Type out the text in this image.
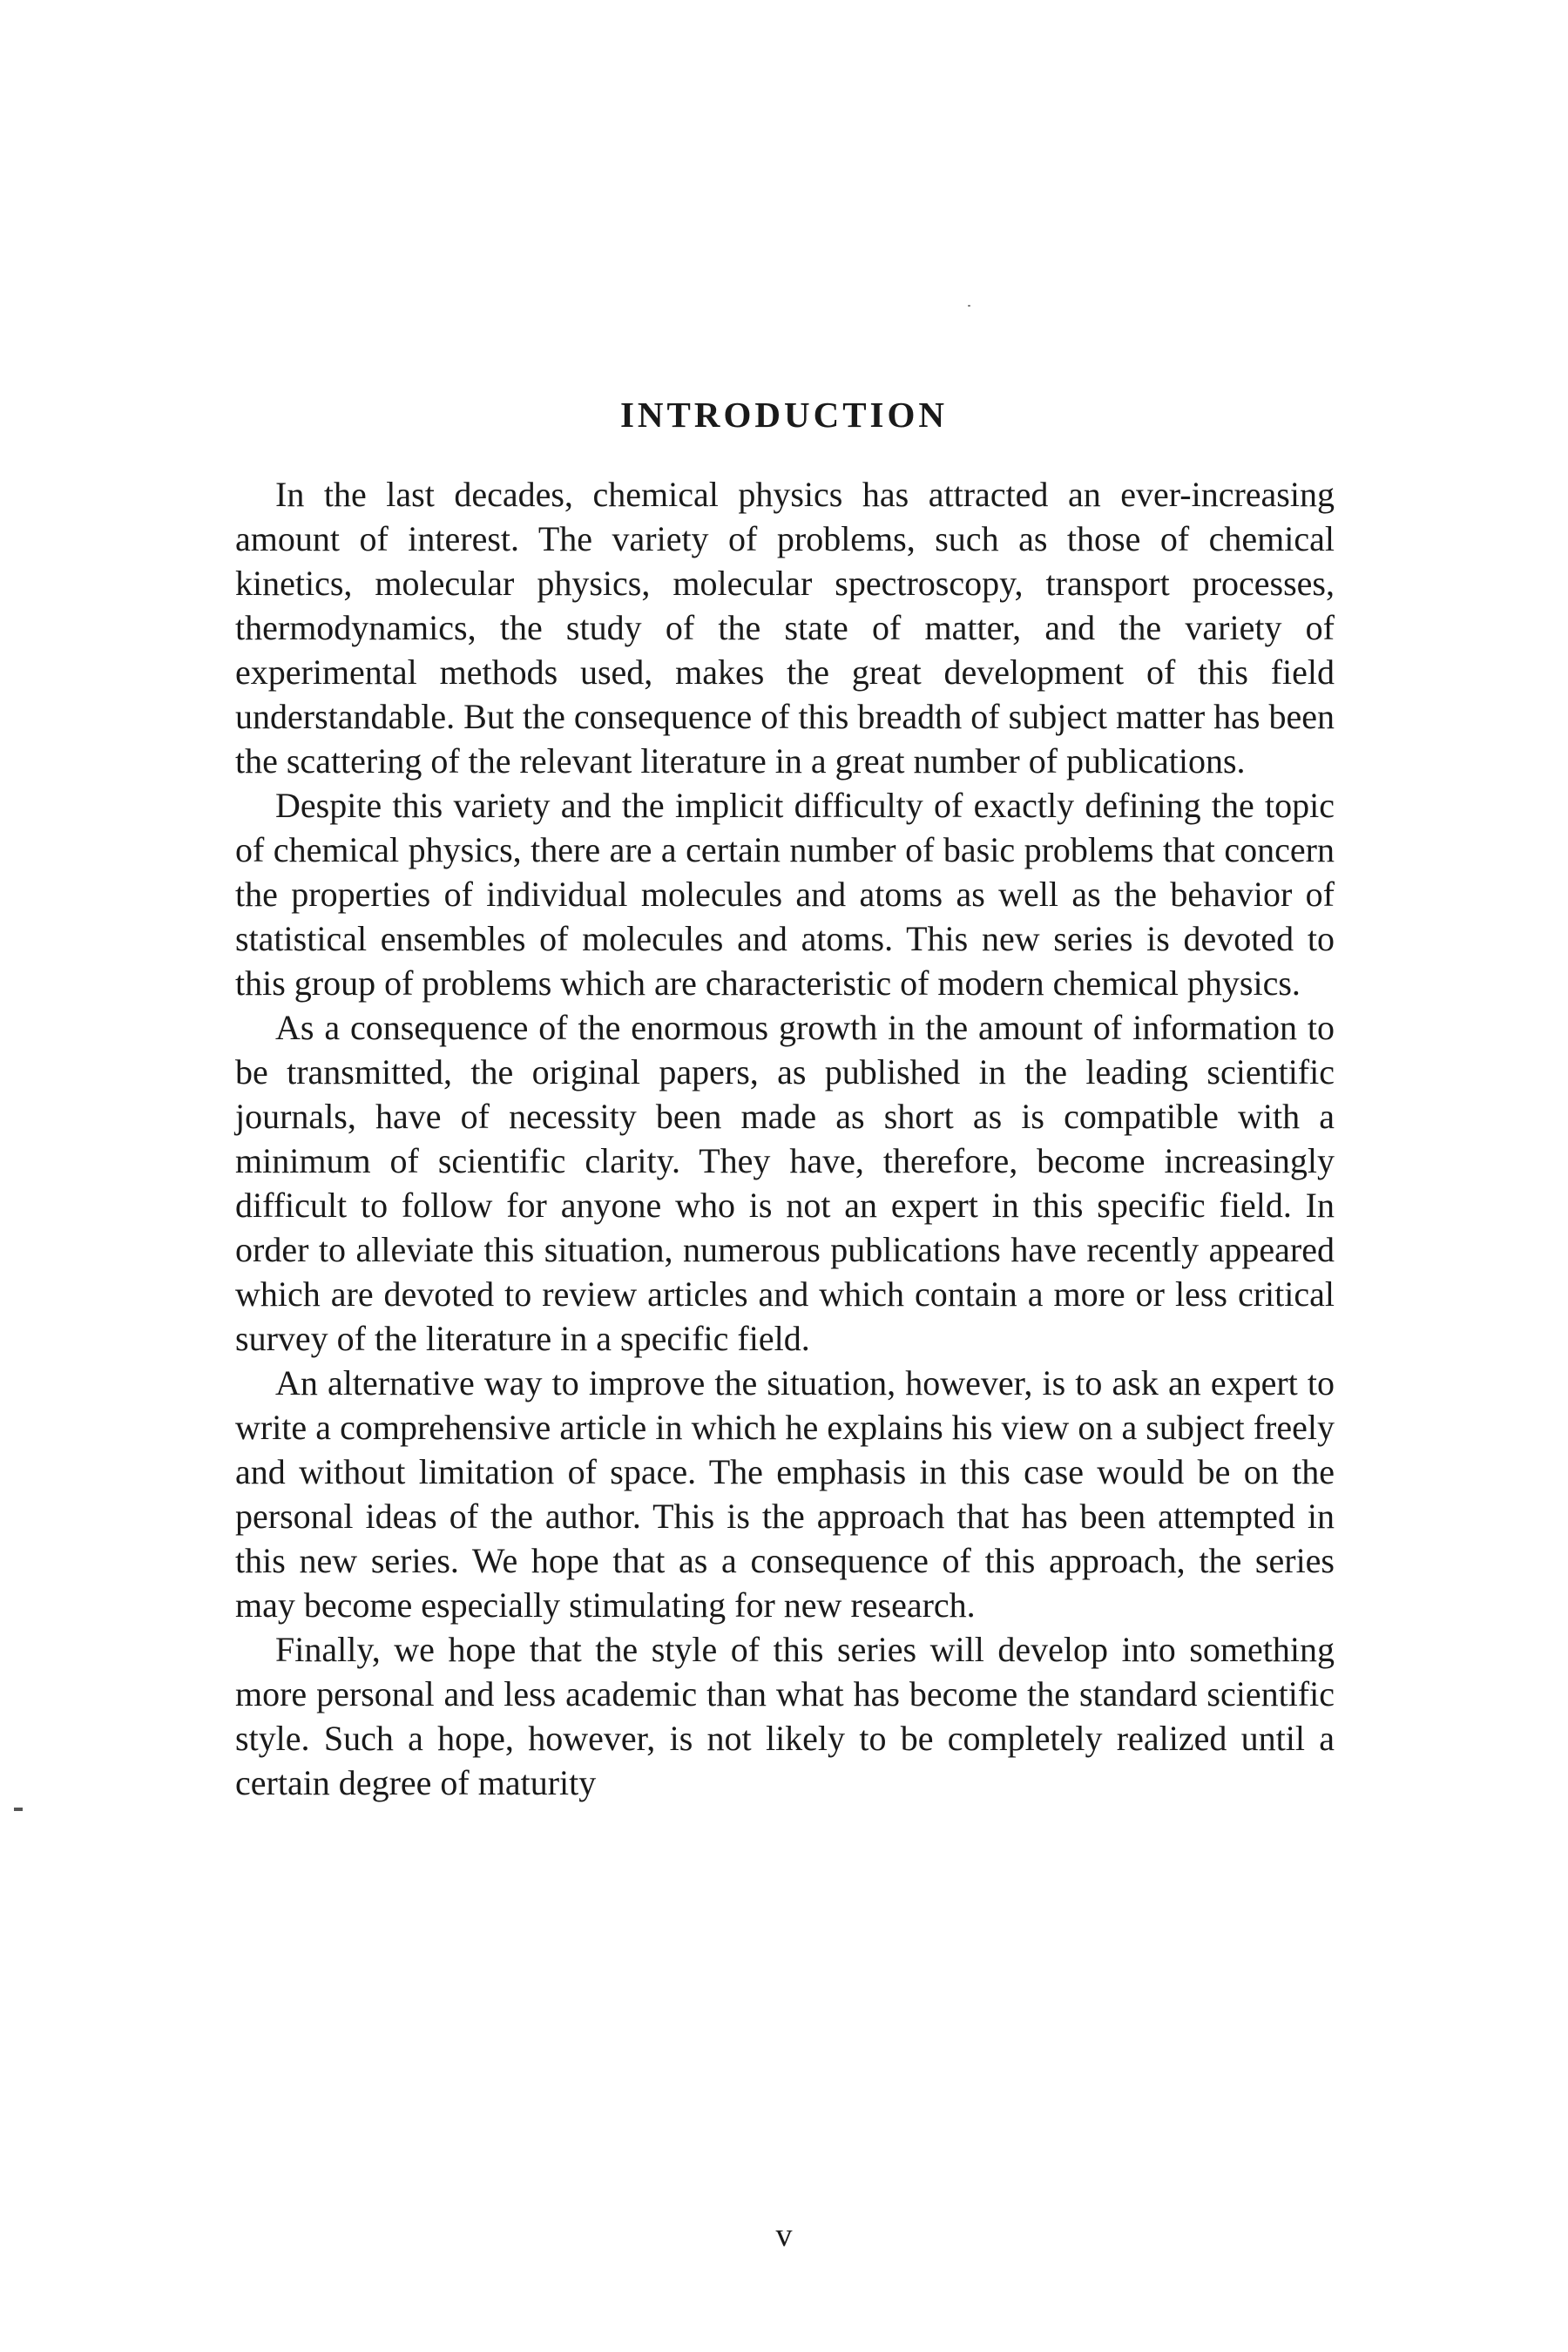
INTRODUCTION

In the last decades, chemical physics has attracted an ever-increasing amount of interest. The variety of problems, such as those of chemical kinetics, molecular physics, molecular spectroscopy, transport processes, thermodynamics, the study of the state of matter, and the variety of experimental methods used, makes the great development of this field understandable. But the consequence of this breadth of subject matter has been the scattering of the relevant literature in a great number of publications.

Despite this variety and the implicit difficulty of exactly defining the topic of chemical physics, there are a certain number of basic problems that concern the properties of individual molecules and atoms as well as the behavior of statistical ensembles of molecules and atoms. This new series is devoted to this group of problems which are characteristic of modern chemical physics.

As a consequence of the enormous growth in the amount of information to be transmitted, the original papers, as published in the leading scientific journals, have of necessity been made as short as is compatible with a minimum of scientific clarity. They have, therefore, become increasingly difficult to follow for anyone who is not an expert in this specific field. In order to alleviate this situation, numerous publications have recently appeared which are devoted to review articles and which contain a more or less critical survey of the literature in a specific field.

An alternative way to improve the situation, however, is to ask an expert to write a comprehensive article in which he explains his view on a subject freely and without limitation of space. The emphasis in this case would be on the personal ideas of the author. This is the approach that has been attempted in this new series. We hope that as a consequence of this approach, the series may become especially stimulating for new research.

Finally, we hope that the style of this series will develop into something more personal and less academic than what has become the standard scientific style. Such a hope, however, is not likely to be completely realized until a certain degree of maturity

v
